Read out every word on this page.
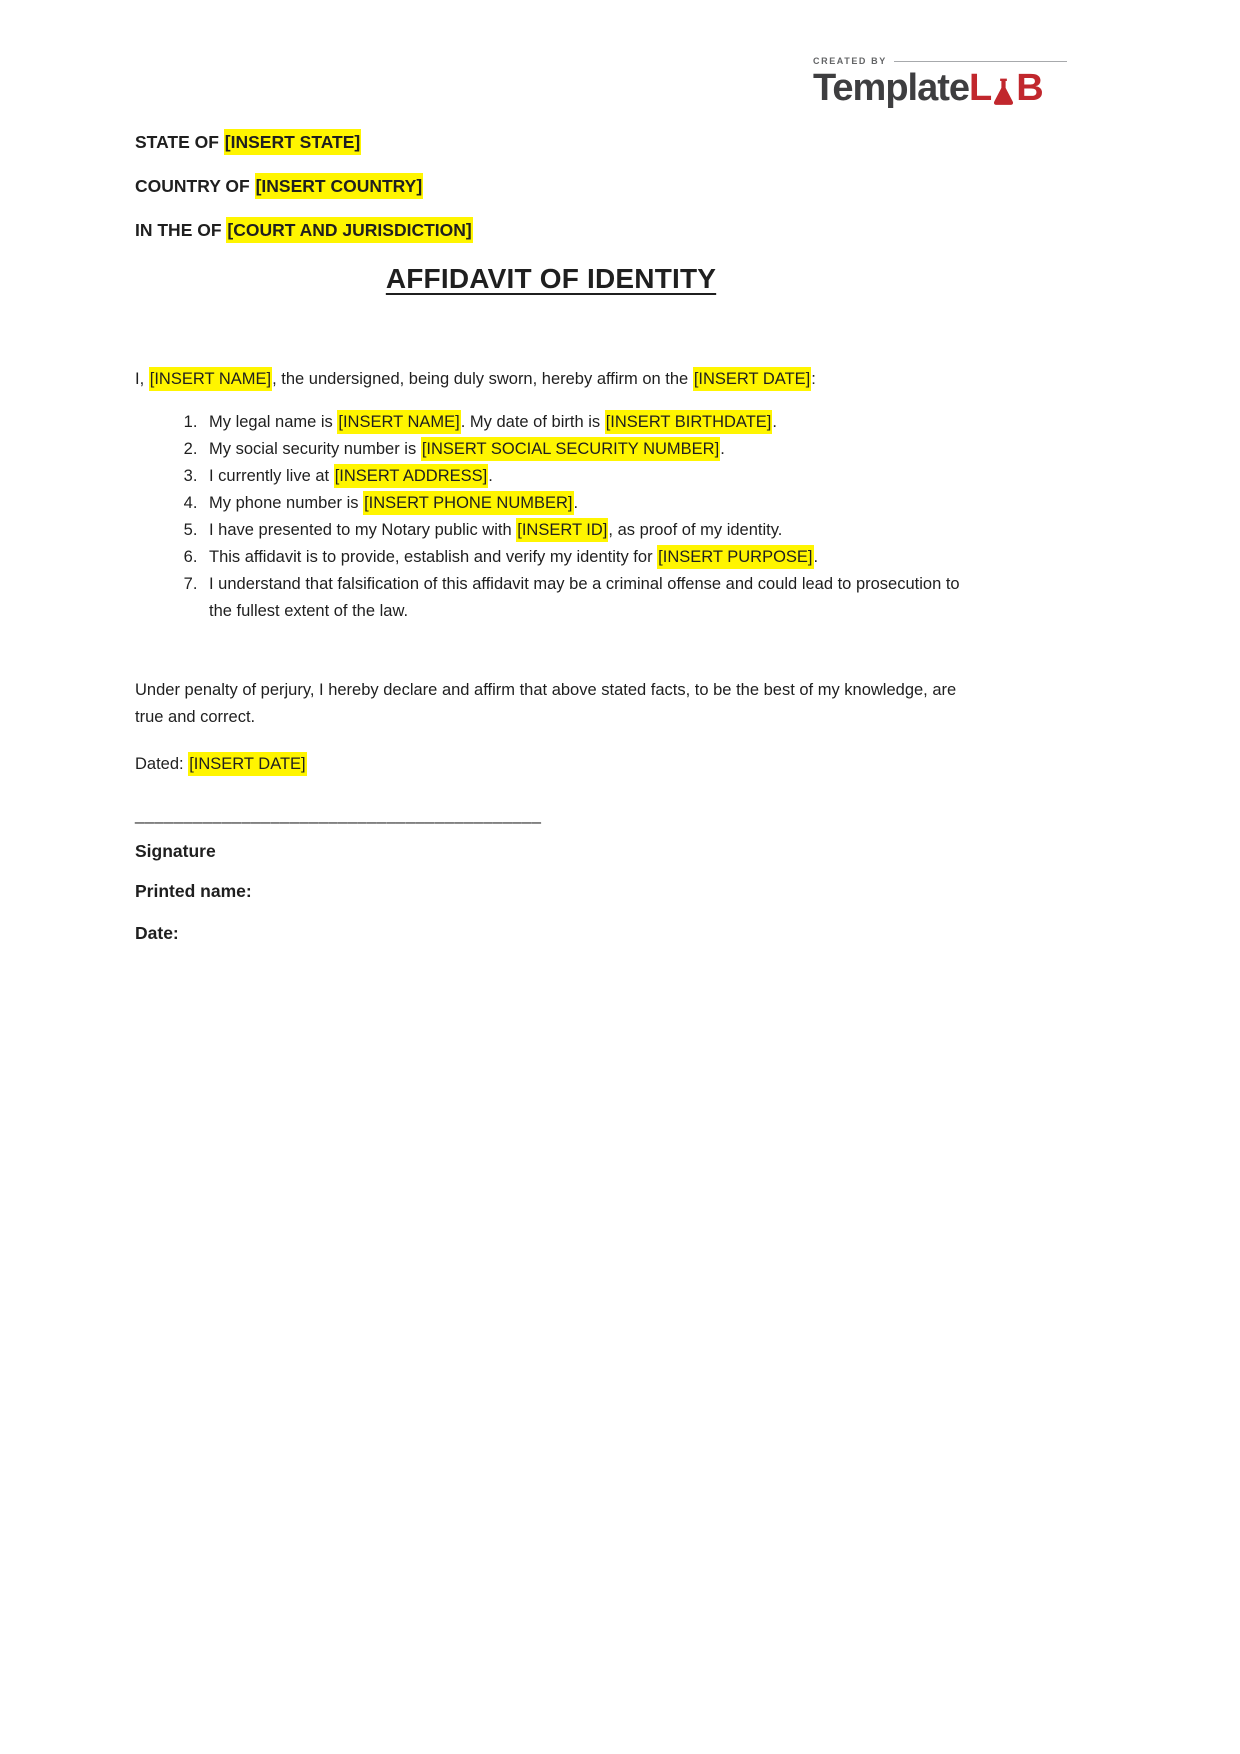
CREATED BY
Template L B

STATE OF [INSERT STATE]

COUNTRY OF [INSERT COUNTRY]

IN THE OF [COURT AND JURISDICTION]

AFFIDAVIT OF IDENTITY

I, [INSERT NAME], the undersigned, being duly sworn, hereby affirm on the [INSERT DATE]:

1. My legal name is [INSERT NAME]. My date of birth is [INSERT BIRTHDATE].
2. My social security number is [INSERT SOCIAL SECURITY NUMBER].
3. I currently live at [INSERT ADDRESS].
4. My phone number is [INSERT PHONE NUMBER].
5. I have presented to my Notary public with [INSERT ID], as proof of my identity.
6. This affidavit is to provide, establish and verify my identity for [INSERT PURPOSE].
7. I understand that falsification of this affidavit may be a criminal offense and could lead to prosecution to the fullest extent of the law.

Under penalty of perjury, I hereby declare and affirm that above stated facts, to be the best of my knowledge, are true and correct.

Dated: [INSERT DATE]

__________________________________________

Signature

Printed name:

Date:
